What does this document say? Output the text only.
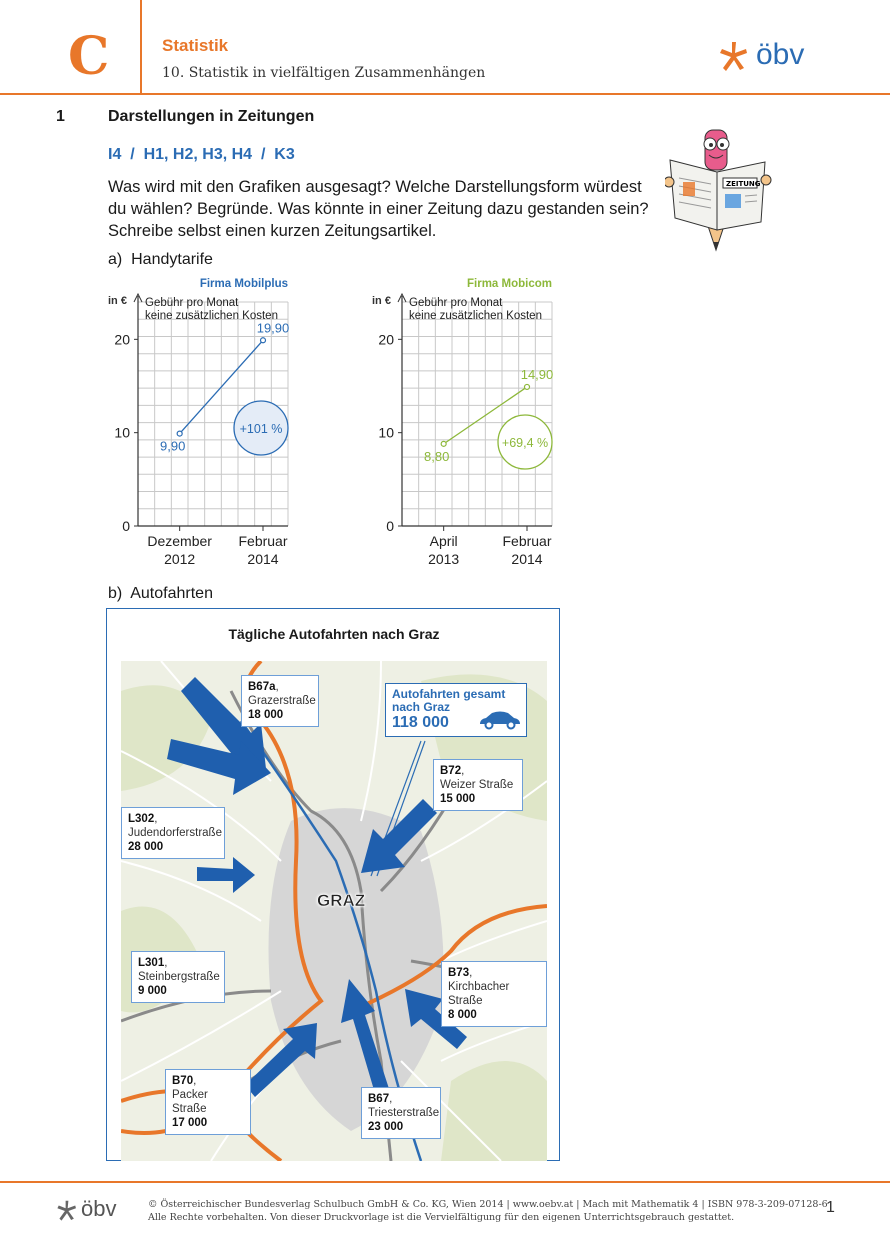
C	Statistik
10. Statistik in vielfältigen Zusammenhängen
öbv
1	Darstellungen in Zeitungen
I4  /  H1, H2, H3, H4  /  K3
Was wird mit den Grafiken ausgesagt? Welche Darstellungsform würdest
du wählen? Begründe. Was könnte in einer Zeitung dazu gestanden sein?
Schreibe selbst einen kurzen Zeitungsartikel.
ZEITUNG
a)  Handytarife
Firma Mobilplus
in € Gebühr pro Monat
keine zusätzlichen Kosten
0
10
20
Dezember
2012
Februar
2014
9,90
19,90
+101 %
Firma Mobicom
in € Gebühr pro Monat
keine zusätzlichen Kosten
0
10
20
April
2013
Februar
2014
8,80
14,90
+69,4 %
b)  Autofahrten
Tägliche Autofahrten nach Graz
GRAZ
Autofahrten gesamt
nach Graz
118 000
B67a,
Grazerstraße
18 000
B72,
Weizer Straße
15 000
L302,
Judendorferstraße
28 000
L301,
Steinbergstraße
9 000
B73,
Kirchbacher Straße
8 000
B70,
Packer Straße
17 000
B67,
Triesterstraße
23 000
öbv	© Österreichischer Bundesverlag Schulbuch GmbH & Co. KG, Wien 2014 | www.oebv.at | Mach mit Mathematik 4 | ISBN 978-3-209-07128-6
Alle Rechte vorbehalten. Von dieser Druckvorlage ist die Vervielfältigung für den eigenen Unterrichtsgebrauch gestattet.
1
